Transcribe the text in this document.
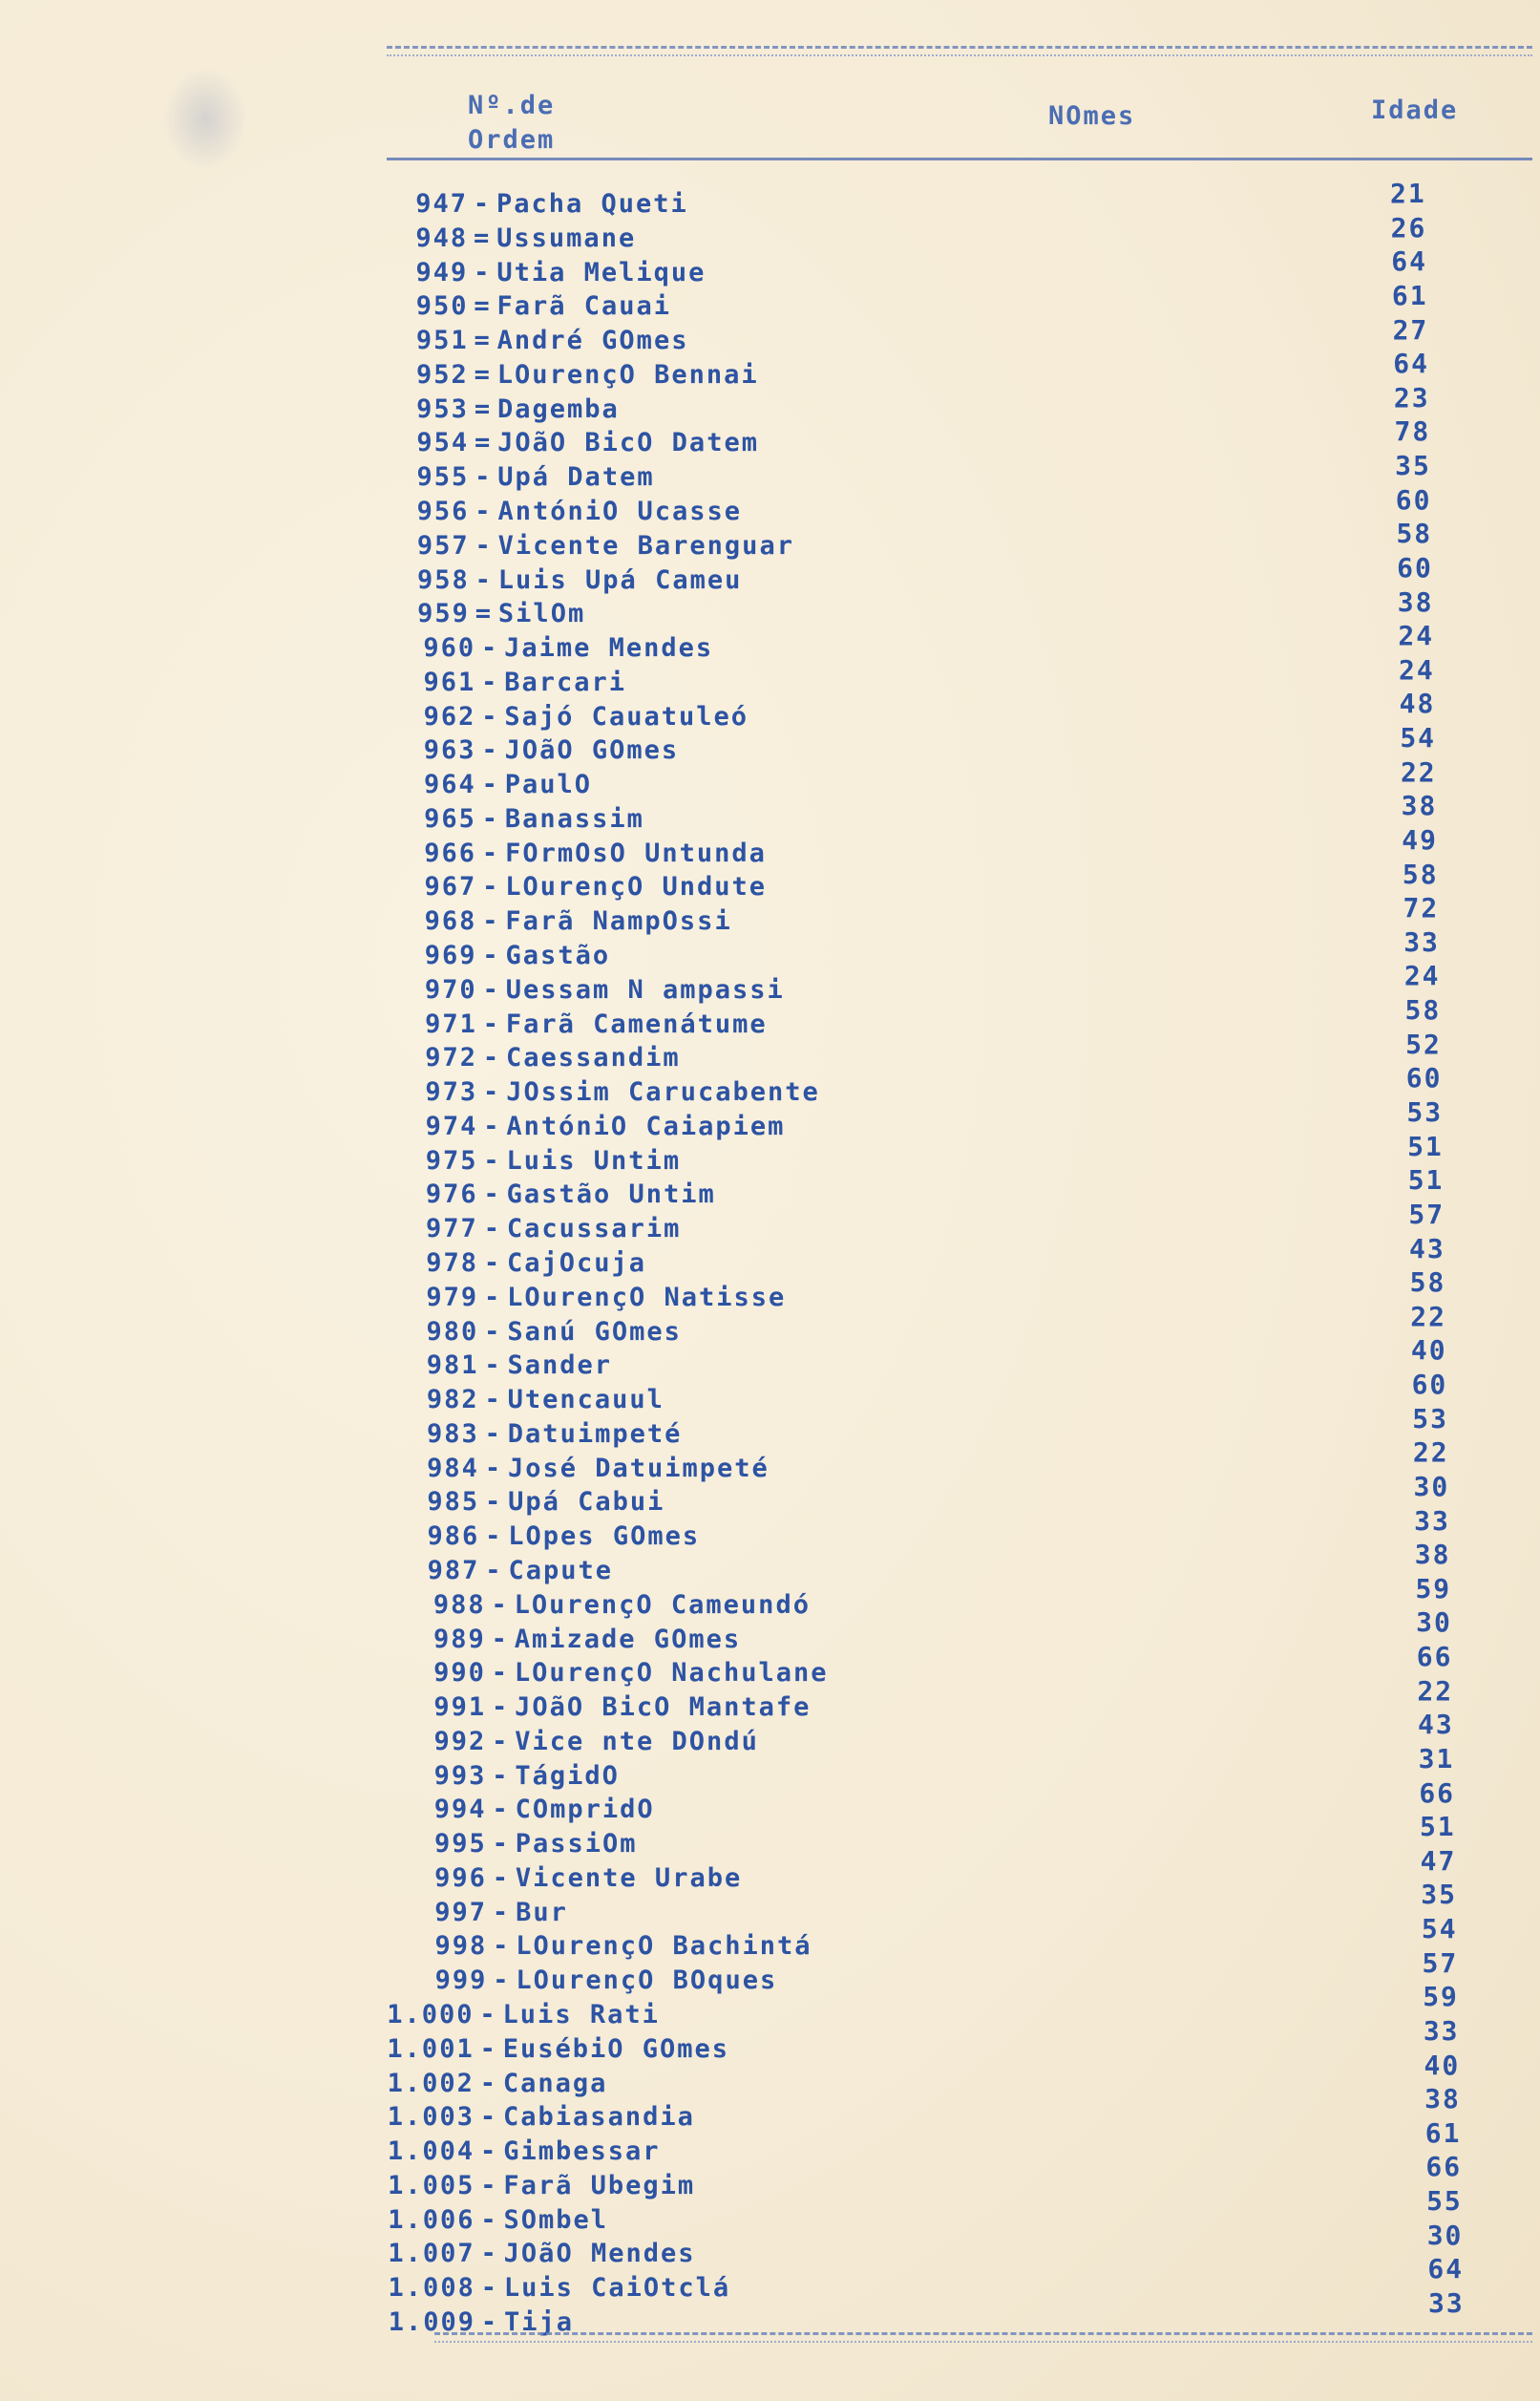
Nº.de
Ordem
NOmes	Idade
947 - Pacha Queti
948 = Ussumane
949 - Utia Melique
950 = Farã Cauai
951 = André GOmes
952 = LOurençO Bennai
953 = Dagemba
954 = JOãO BicO Datem
955 - Upá Datem
956 - AntóniO Ucasse
957 - Vicente Barenguar
958 - Luis Upá Cameu
959 = SilOm
960 - Jaime Mendes
961 - Barcari
962 - Sajó Cauatuleó
963 - JOãO GOmes
964 - PaulO
965 - Banassim
966 - FOrmOsO Untunda
967 - LOurençO Undute
968 - Farã NampOssi
969 - Gastão
970 - Uessam N ampassi
971 - Farã Camenátume
972 - Caessandim
973 - JOssim Carucabente
974 - AntóniO Caiapiem
975 - Luis Untim
976 - Gastão Untim
977 - Cacussarim
978 - CajOcuja
979 - LOurençO Natisse
980 - Sanú GOmes
981 - Sander
982 - Utencauul
983 - Datuimpeté
984 - José Datuimpeté
985 - Upá Cabui
986 - LOpes GOmes
987 - Capute
988 - LOurençO Cameundó
989 - Amizade GOmes
990 - LOurençO Nachulane
991 - JOãO BicO Mantafe
992 - Vice nte DOndú
993 - TágidO
994 - COmpridO
995 - PassiOm
996 - Vicente Urabe
997 - Bur
998 - LOurençO Bachintá
999 - LOurençO BOques
1.000 - Luis Rati
1.001 - EusébiO GOmes
1.002 - Canaga
1.003 - Cabiasandia
1.004 - Gimbessar
1.005 - Farã Ubegim
1.006 - SOmbel
1.007 - JOãO Mendes
1.008 - Luis CaiOtclá
1.009 - Tija
21
26
64
61
27
64
23
78
35
60
58
60
38
24
24
48
54
22
38
49
58
72
33
24
58
52
60
53
51
51
57
43
58
22
40
60
53
22
30
33
38
59
30
66
22
43
31
66
51
47
35
54
57
59
33
40
38
61
66
55
30
64
33
